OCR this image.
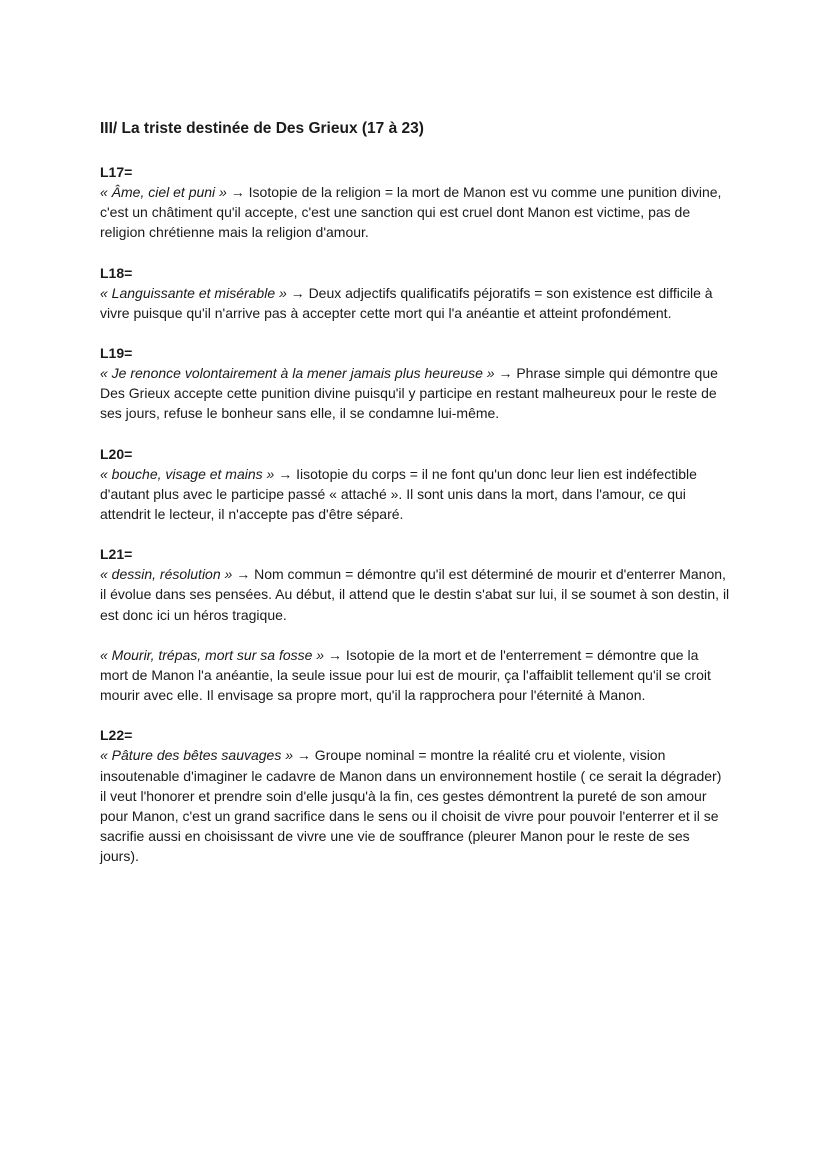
III/ La triste destinée de Des Grieux (17 à 23)

L17=

« Âme, ciel et puni » → Isotopie de la religion = la mort de Manon est vu comme une punition divine, c'est un châtiment qu'il accepte, c'est une sanction qui est cruel dont Manon est victime, pas de religion chrétienne mais la religion d'amour.

L18=

« Languissante et misérable » → Deux adjectifs qualificatifs péjoratifs = son existence est difficile à vivre puisque qu'il n'arrive pas à accepter cette mort qui l'a anéantie et atteint profondément.

L19=

« Je renonce volontairement à la mener jamais plus heureuse » → Phrase simple qui démontre que Des Grieux accepte cette punition divine puisqu'il y participe en restant malheureux pour le reste de ses jours, refuse le bonheur sans elle, il se condamne lui-même.

L20=

« bouche, visage et mains » → Iisotopie du corps = il ne font qu'un donc leur lien est indéfectible d'autant plus avec le participe passé « attaché ». Il sont unis dans la mort, dans l'amour, ce qui attendrit le lecteur, il n'accepte pas d'être séparé.

L21=

« dessin, résolution » → Nom commun = démontre qu'il est déterminé de mourir et d'enterrer Manon, il évolue dans ses pensées. Au début, il attend que le destin s'abat sur lui, il se soumet à son destin, il est donc ici un héros tragique.

« Mourir, trépas, mort sur sa fosse » → Isotopie de la mort et de l'enterrement = démontre que la mort de Manon l'a anéantie, la seule issue pour lui est de mourir, ça l'affaiblit tellement qu'il se croit mourir avec elle. Il envisage sa propre mort, qu'il la rapprochera pour l'éternité à Manon.

L22=

« Pâture des bêtes sauvages » → Groupe nominal = montre la réalité cru et violente, vision insoutenable d'imaginer le cadavre de Manon dans un environnement hostile ( ce serait la dégrader) il veut l'honorer et prendre soin d'elle jusqu'à la fin, ces gestes démontrent la pureté de son amour pour Manon, c'est un grand sacrifice dans le sens ou il choisit de vivre pour pouvoir l'enterrer et il se sacrifie aussi en choisissant de vivre une vie de souffrance (pleurer Manon pour le reste de ses jours).
